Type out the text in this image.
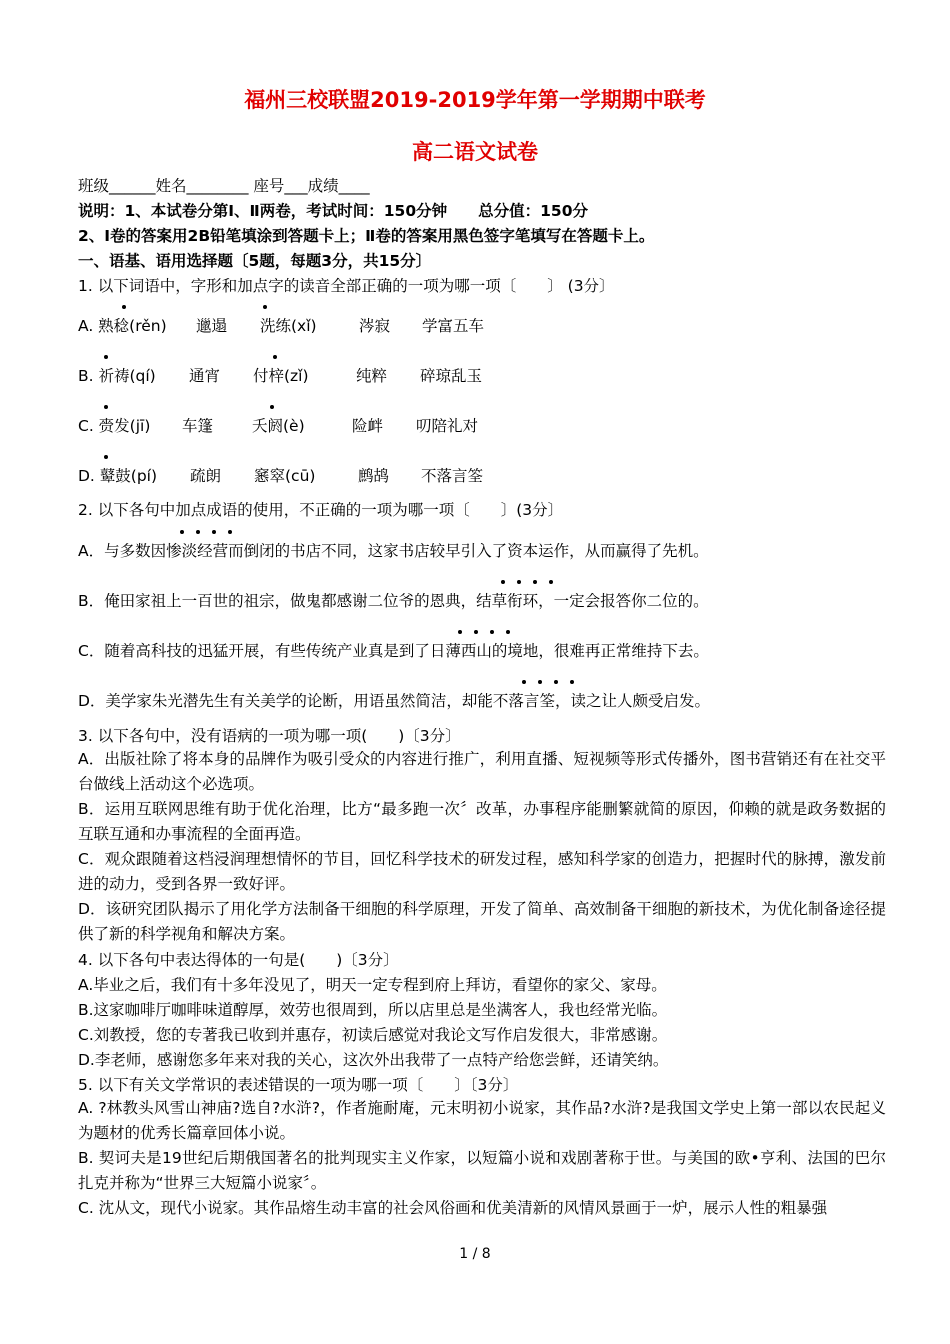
福州三校联盟2019-2019学年第一学期期中联考
高二语文试卷
班级______姓名________ 座号___成绩____
说明：1、本试卷分第Ⅰ、Ⅱ两卷，考试时间：150分钟　　总分值：150分
2、Ⅰ卷的答案用2B铅笔填涂到答题卡上；Ⅱ卷的答案用黑色签字笔填写在答题卡上。
一、语基、语用选择题〔5题，每题3分，共15分〕
1. 以下词语中，字形和加点字的读音全部正确的一项为哪一项〔　　〕 (3分〕
A. 熟稔(rěn) 邋遢 洗练(xǐ)	涔寂 学富五车
B. 祈祷(qí) 通宵 付梓(zǐ)	纯粹 碎琼乱玉
C. 赍发(jī) 车篷	夭阏(è)	险衅 叨陪礼对
D. 鼙鼓(pí) 疏朗 窸窣(cū)	鹧鸪 不落言筌
2. 以下各句中加点成语的使用，不正确的一项为哪一项〔　　〕(3分〕
A．与多数因惨淡经营而倒闭的书店不同，这家书店较早引入了资本运作，从而赢得了先机。
B．俺田家祖上一百世的祖宗，做鬼都感谢二位爷的恩典，结草衔环，一定会报答你二位的。
C．随着高科技的迅猛开展，有些传统产业真是到了日薄西山的境地，很难再正常维持下去。
D．美学家朱光潜先生有关美学的论断，用语虽然简洁，却能不落言筌，读之让人颇受启发。
3. 以下各句中，没有语病的一项为哪一项(　　)〔3分〕
A．出版社除了将本身的品牌作为吸引受众的内容进行推广，利用直播、短视频等形式传播外，图书营销还有在社交平台做线上活动这个必选项。
B．运用互联网思维有助于优化治理，比方“最多跑一次〞改革，办事程序能删繁就简的原因，仰赖的就是政务数据的互联互通和办事流程的全面再造。
C．观众跟随着这档浸润理想情怀的节目，回忆科学技术的研发过程，感知科学家的创造力，把握时代的脉搏，激发前进的动力，受到各界一致好评。
D．该研究团队揭示了用化学方法制备干细胞的科学原理，开发了简单、高效制备干细胞的新技术，为优化制备途径提供了新的科学视角和解决方案。
4. 以下各句中表达得体的一句是(　　)〔3分〕
A.毕业之后，我们有十多年没见了，明天一定专程到府上拜访，看望你的家父、家母。
B.这家咖啡厅咖啡味道醇厚，效劳也很周到，所以店里总是坐满客人，我也经常光临。
C.刘教授，您的专著我已收到并惠存，初读后感觉对我论文写作启发很大，非常感谢。
D.李老师，感谢您多年来对我的关心，这次外出我带了一点特产给您尝鲜，还请笑纳。
5. 以下有关文学常识的表述错误的一项为哪一项〔　　〕〔3分〕
A. ?林教头风雪山神庙?选自?水浒?，作者施耐庵，元末明初小说家，其作品?水浒?是我国文学史上第一部以农民起义为题材的优秀长篇章回体小说。
B. 契诃夫是19世纪后期俄国著名的批判现实主义作家，以短篇小说和戏剧著称于世。与美国的欧•亨利、法国的巴尔扎克并称为“世界三大短篇小说家〞。
C. 沈从文，现代小说家。其作品熔生动丰富的社会风俗画和优美清新的风情风景画于一炉，展示人性的粗暴强
1 / 8
